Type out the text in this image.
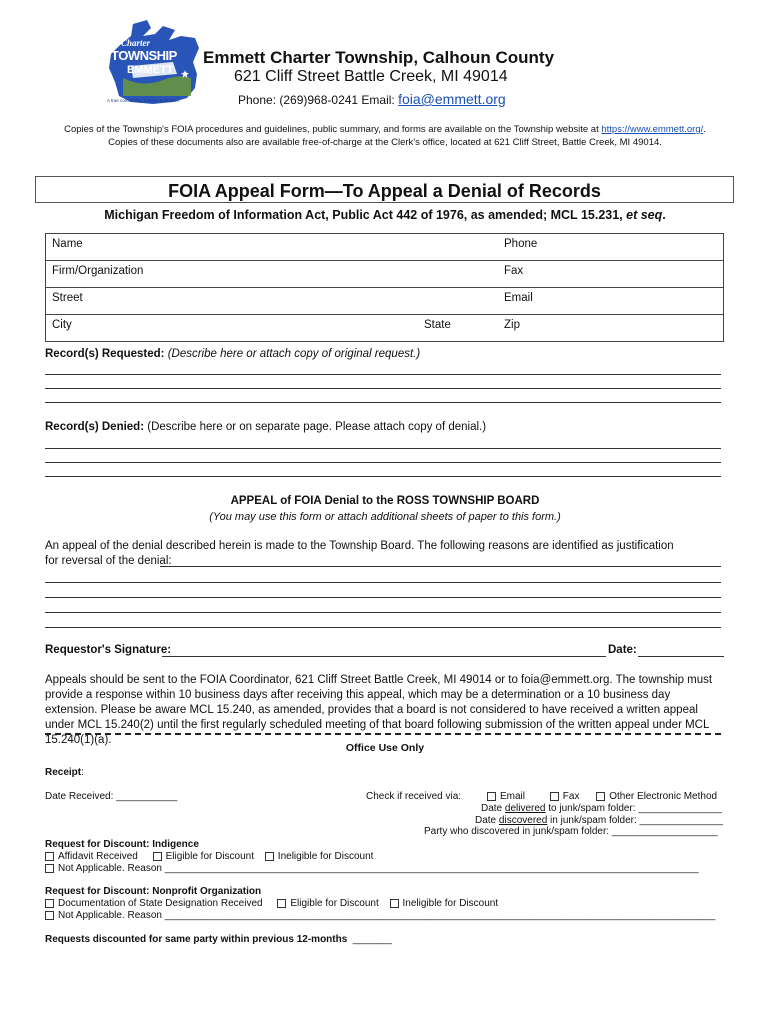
Charter
TOWNSHIP
EMMETT
A true community, not just a location
Emmett Charter Township, Calhoun County
621 Cliff Street Battle Creek, MI 49014
Phone: (269)968-0241 Email: foia@emmett.org
Copies of the Township's FOIA procedures and guidelines, public summary, and forms are available on the Township website at https://www.emmett.org/. Copies of these documents also are available free-of-charge at the Clerk's office, located at 621 Cliff Street, Battle Creek, MI 49014.
FOIA Appeal Form—To Appeal a Denial of Records
Michigan Freedom of Information Act, Public Act 442 of 1976, as amended; MCL 15.231, et seq.
Name		Phone
Firm/Organization		Fax
Street		Email
City	State	Zip
Record(s) Requested: (Describe here or attach copy of original request.)
Record(s) Denied: (Describe here or on separate page. Please attach copy of denial.)
APPEAL of FOIA Denial to the ROSS TOWNSHIP BOARD
(You may use this form or attach additional sheets of paper to this form.)
An appeal of the denial described herein is made to the Township Board. The following reasons are identified as justification
for reversal of the denial:
Requestor's Signature:	Date:
Appeals should be sent to the FOIA Coordinator, 621 Cliff Street Battle Creek, MI 49014 or to foia@emmett.org. The township must provide a response within 10 business days after receiving this appeal, which may be a determination or a 10 business day extension. Please be aware MCL 15.240, as amended, provides that a board is not considered to have received a written appeal under MCL 15.240(2) until the first regularly scheduled meeting of that board following submission of the written appeal under MCL 15.240(1)(a).
Office Use Only
Receipt:
Date Received: ___________	Check if received via:	Email	Fax	Other Electronic Method
Date delivered to junk/spam folder: _______________
Date discovered in junk/spam folder: _______________
Party who discovered in junk/spam folder: ___________________
Request for Discount: Indigence
Affidavit Received	Eligible for Discount Ineligible for Discount
Not Applicable. Reason ________________________________________________________________________________________________
Request for Discount: Nonprofit Organization
Documentation of State Designation Received	Eligible for Discount Ineligible for Discount
Not Applicable. Reason ___________________________________________________________________________________________________
Requests discounted for same party within previous 12-months _______
